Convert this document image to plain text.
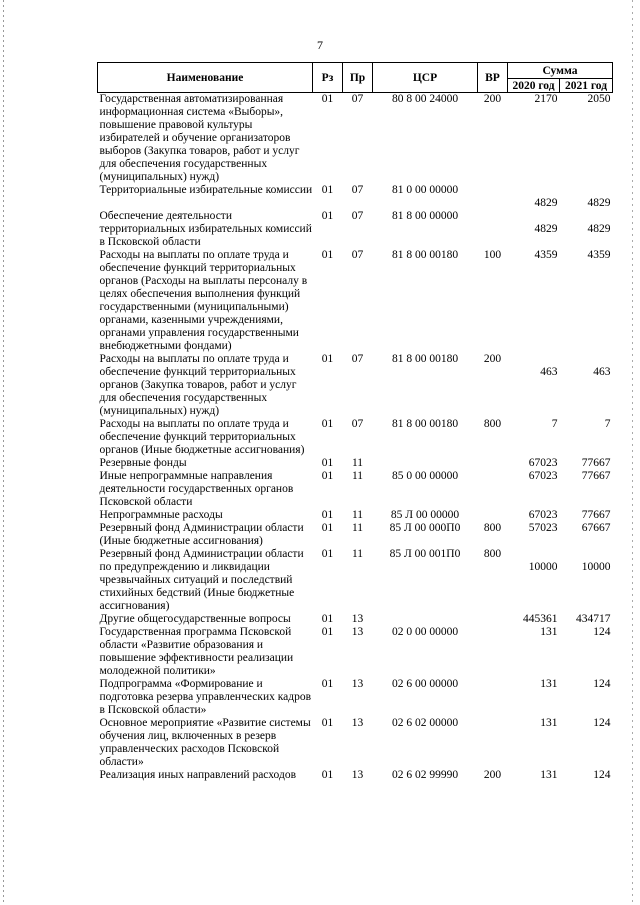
7
Наименование	Рз	Пр	ЦСР	ВР	Сумма	
					2020 год	2021 год
Государственная автоматизированная информационная система «Выборы», повышение правовой культуры избирателей и обучение организаторов выборов (Закупка товаров, работ и услуг для обеспечения государственных (муниципальных) нужд)	01	07	80 8 00 24000	200	2170	2050
Территориальные избирательные комиссии	01	07	81 0 00 00000		4829	4829
Обеспечение деятельности территориальных избирательных комиссий в Псковской области	01	07	81 8 00 00000		4829	4829
Расходы на выплаты по оплате труда и обеспечение функций территориальных органов (Расходы на выплаты персоналу в целях обеспечения выполнения функций государственными (муниципальными) органами, казенными учреждениями, органами управления государственными внебюджетными фондами)	01	07	81 8 00 00180	100	4359	4359
Расходы на выплаты по оплате труда и обеспечение функций территориальных органов (Закупка товаров, работ и услуг для обеспечения государственных (муниципальных) нужд)	01	07	81 8 00 00180	200	463	463
Расходы на выплаты по оплате труда и обеспечение функций территориальных органов (Иные бюджетные ассигнования)	01	07	81 8 00 00180	800	7	7
Резервные фонды	01	11			67023	77667
Иные непрограммные направления деятельности государственных органов Псковской области	01	11	85 0 00 00000		67023	77667
Непрограммные расходы	01	11	85 Л 00 00000		67023	77667
Резервный фонд Администрации области (Иные бюджетные ассигнования)	01	11	85 Л 00 000П0	800	57023	67667
Резервный фонд Администрации области по предупреждению и ликвидации чрезвычайных ситуаций и последствий стихийных бедствий (Иные бюджетные ассигнования)	01	11	85 Л 00 001П0	800	10000	10000
Другие общегосударственные вопросы	01	13			445361	434717
Государственная программа Псковской области «Развитие образования и повышение эффективности реализации молодежной политики»	01	13	02 0 00 00000		131	124
Подпрограмма «Формирование и подготовка резерва управленческих кадров в Псковской области»	01	13	02 6 00 00000		131	124
Основное мероприятие «Развитие системы обучения лиц, включенных в резерв управленческих расходов Псковской области»	01	13	02 6 02 00000		131	124
Реализация иных направлений расходов	01	13	02 6 02 99990	200	131	124
